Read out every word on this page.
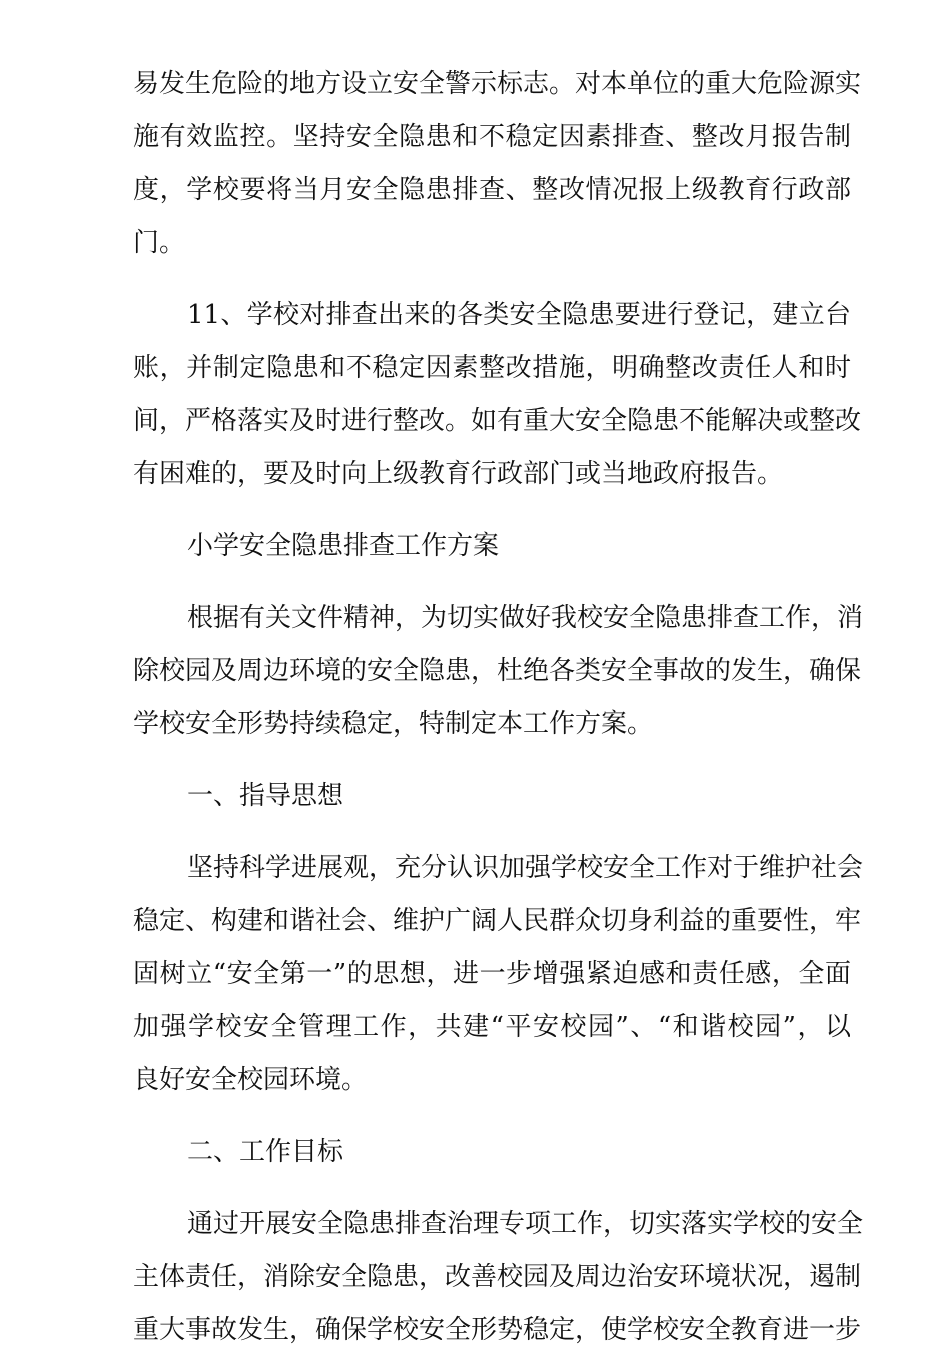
易发生危险的地方设立安全警示标志。对本单位的重大危险源实
施有效监控。坚持安全隐患和不稳定因素排查、整改月报告制
度，学校要将当月安全隐患排查、整改情况报上级教育行政部
门。
11、学校对排查出来的各类安全隐患要进行登记，建立台
账，并制定隐患和不稳定因素整改措施，明确整改责任人和时
间，严格落实及时进行整改。如有重大安全隐患不能解决或整改
有困难的，要及时向上级教育行政部门或当地政府报告。
小学安全隐患排查工作方案
根据有关文件精神，为切实做好我校安全隐患排查工作，消
除校园及周边环境的安全隐患，杜绝各类安全事故的发生，确保
学校安全形势持续稳定，特制定本工作方案。
一、指导思想
坚持科学进展观，充分认识加强学校安全工作对于维护社会
稳定、构建和谐社会、维护广阔人民群众切身利益的重要性，牢
固树立“安全第一”的思想，进一步增强紧迫感和责任感，全面
加强学校安全管理工作，共建“平安校园”、“和谐校园”，以
良好安全校园环境。
二、工作目标
通过开展安全隐患排查治理专项工作，切实落实学校的安全
主体责任，消除安全隐患，改善校园及周边治安环境状况，遏制
重大事故发生，确保学校安全形势稳定，使学校安全教育进一步
